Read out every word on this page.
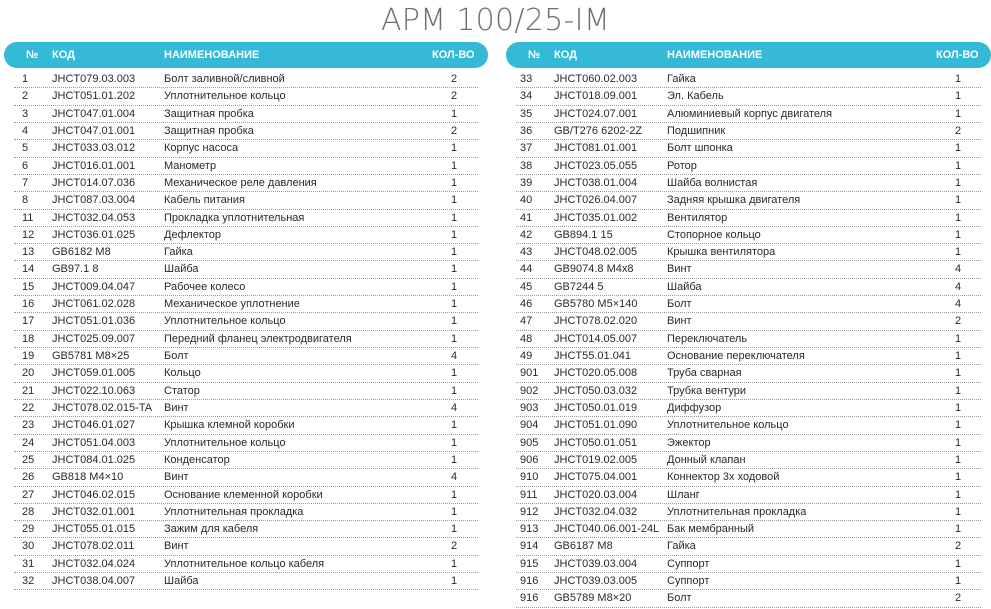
APM 100/25-IM
№ КОД	НАИМЕНОВАНИЕ	КОЛ-ВО
1 JHCT079.03.003	Болт заливной/сливной	2
2 JHCT051.01.202	Уплотнительное кольцо	2
3 JHCT047.01.004	Защитная пробка	1
4 JHCT047.01.001	Защитная пробка	2
5 JHCT033.03.012	Корпус насоса	1
6 JHCT016.01.001	Манометр	1
7 JHCT014.07.036	Механическое реле давления	1
8 JHCT087.03.004	Кабель питания	1
11 JHCT032.04.053	Прокладка уплотнительная	1
12 JHCT036.01.025	Дефлектор	1
13 GB6182 M8	Гайка	1
14 GB97.1 8	Шайба	1
15 JHCT009.04.047	Рабочее колесо	1
16 JHCT061.02.028	Механическое уплотнение	1
17 JHCT051.01.036	Уплотнительное кольцо	1
18 JHCT025.09.007	Передний фланец электродвигателя	1
19 GB5781 M8×25	Болт	4
20 JHCT059.01.005	Кольцо	1
21 JHCT022.10.063	Статор	1
22 JHCT078.02.015-TA Винт	4
23 JHCT046.01.027	Крышка клемной коробки	1
24 JHCT051.04.003	Уплотнительное кольцо	1
25 JHCT084.01.025	Конденсатор	1
26 GB818 M4×10	Винт	4
27 JHCT046.02.015	Основание клеменной коробки	1
28 JHCT032.01.001	Уплотнительная прокладка	1
29 JHCT055.01.015	Зажим для кабеля	1
30 JHCT078.02.011	Винт	2
31 JHCT032.04.024	Уплотнительное кольцо кабеля	1
32 JHCT038.04.007	Шайба	1
№ КОД	НАИМЕНОВАНИЕ	КОЛ-ВО
33 JHCT060.02.003	Гайка	1
34 JHCT018.09.001	Эл. Кабель	1
35 JHCT024.07.001	Алюминиевый корпус двигателя	1
36 GB/T276 6202-2Z Подшипник	2
37 JHCT081.01.001	Болт шпонка	1
38 JHCT023.05.055	Ротор	1
39 JHCT038.01.004	Шайба волнистая	1
40 JHCT026.04.007	Задняя крышка двигателя	1
41 JHCT035.01.002	Вентилятор	1
42 GB894.1 15	Стопорное кольцо	1
43 JHCT048.02.005	Крышка вентилятора	1
44 GB9074.8 M4x8	Винт	4
45 GB7244 5	Шайба	4
46 GB5780 M5×140	Болт	4
47 JHCT078.02.020	Винт	2
48 JHCT014.05.007	Переключатель	1
49 JHCT55.01.041	Основание переключателя	1
901 JHCT020.05.008	Труба сварная	1
902 JHCT050.03.032	Трубка вентури	1
903 JHCT050.01.019	Диффузор	1
904 JHCT051.01.090	Уплотнительное кольцо	1
905 JHCT050.01.051	Эжектор	1
906 JHCT019.02.005	Донный клапан	1
910 JHCT075.04.001	Коннектор 3х ходовой	1
911 JHCT020.03.004	Шланг	1
912 JHCT032.04.032	Уплотнительная прокладка	1
913 JHCT040.06.001-24L Бак мембранный	1
914 GB6187 M8	Гайка	2
915 JHCT039.03.004	Суппорт	1
916 JHCT039.03.005	Суппорт	1
916 GB5789 M8×20	Болт	2
